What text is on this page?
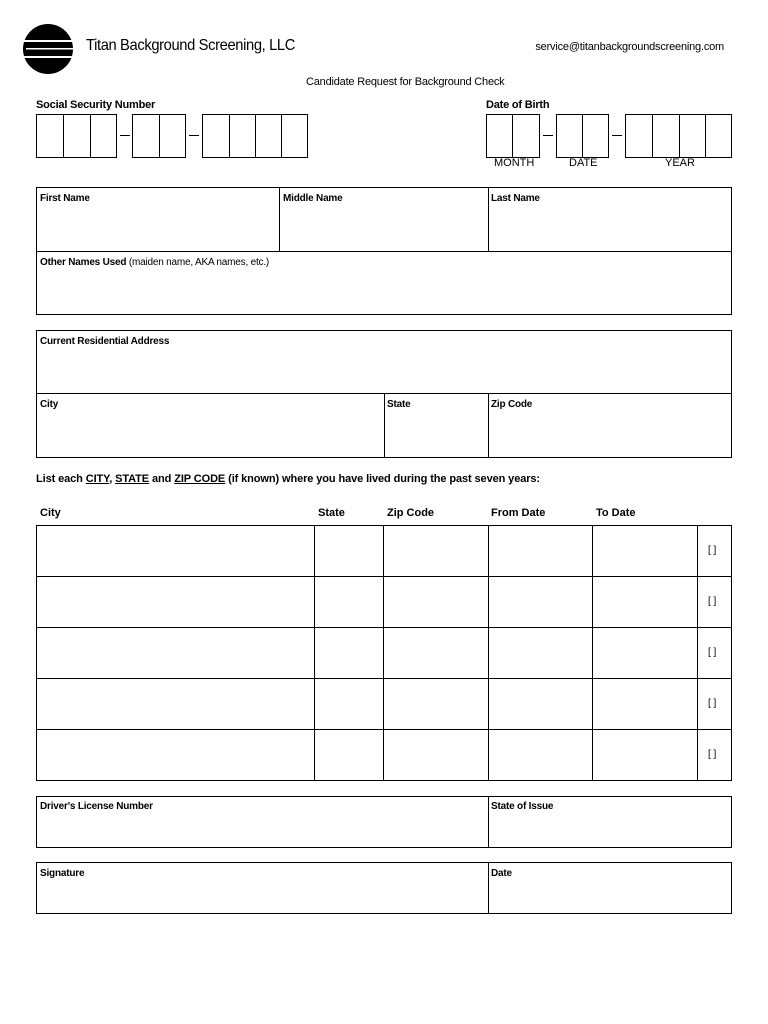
Titan Background Screening, LLC	service@titanbackgroundscreening.com
Candidate Request for Background Check
Social Security Number	Date of Birth
MONTH	DATE	YEAR
First Name	Middle Name	Last Name
Other Names Used (maiden name, AKA names, etc.)
Current Residential Address
City	State	Zip Code
List each CITY, STATE and ZIP CODE (if known) where you have lived during the past seven years:
City	State	Zip Code	From Date	To Date
[ ]
[ ]
[ ]
[ ]
[ ]
Driver's License Number	State of Issue
Signature	Date
